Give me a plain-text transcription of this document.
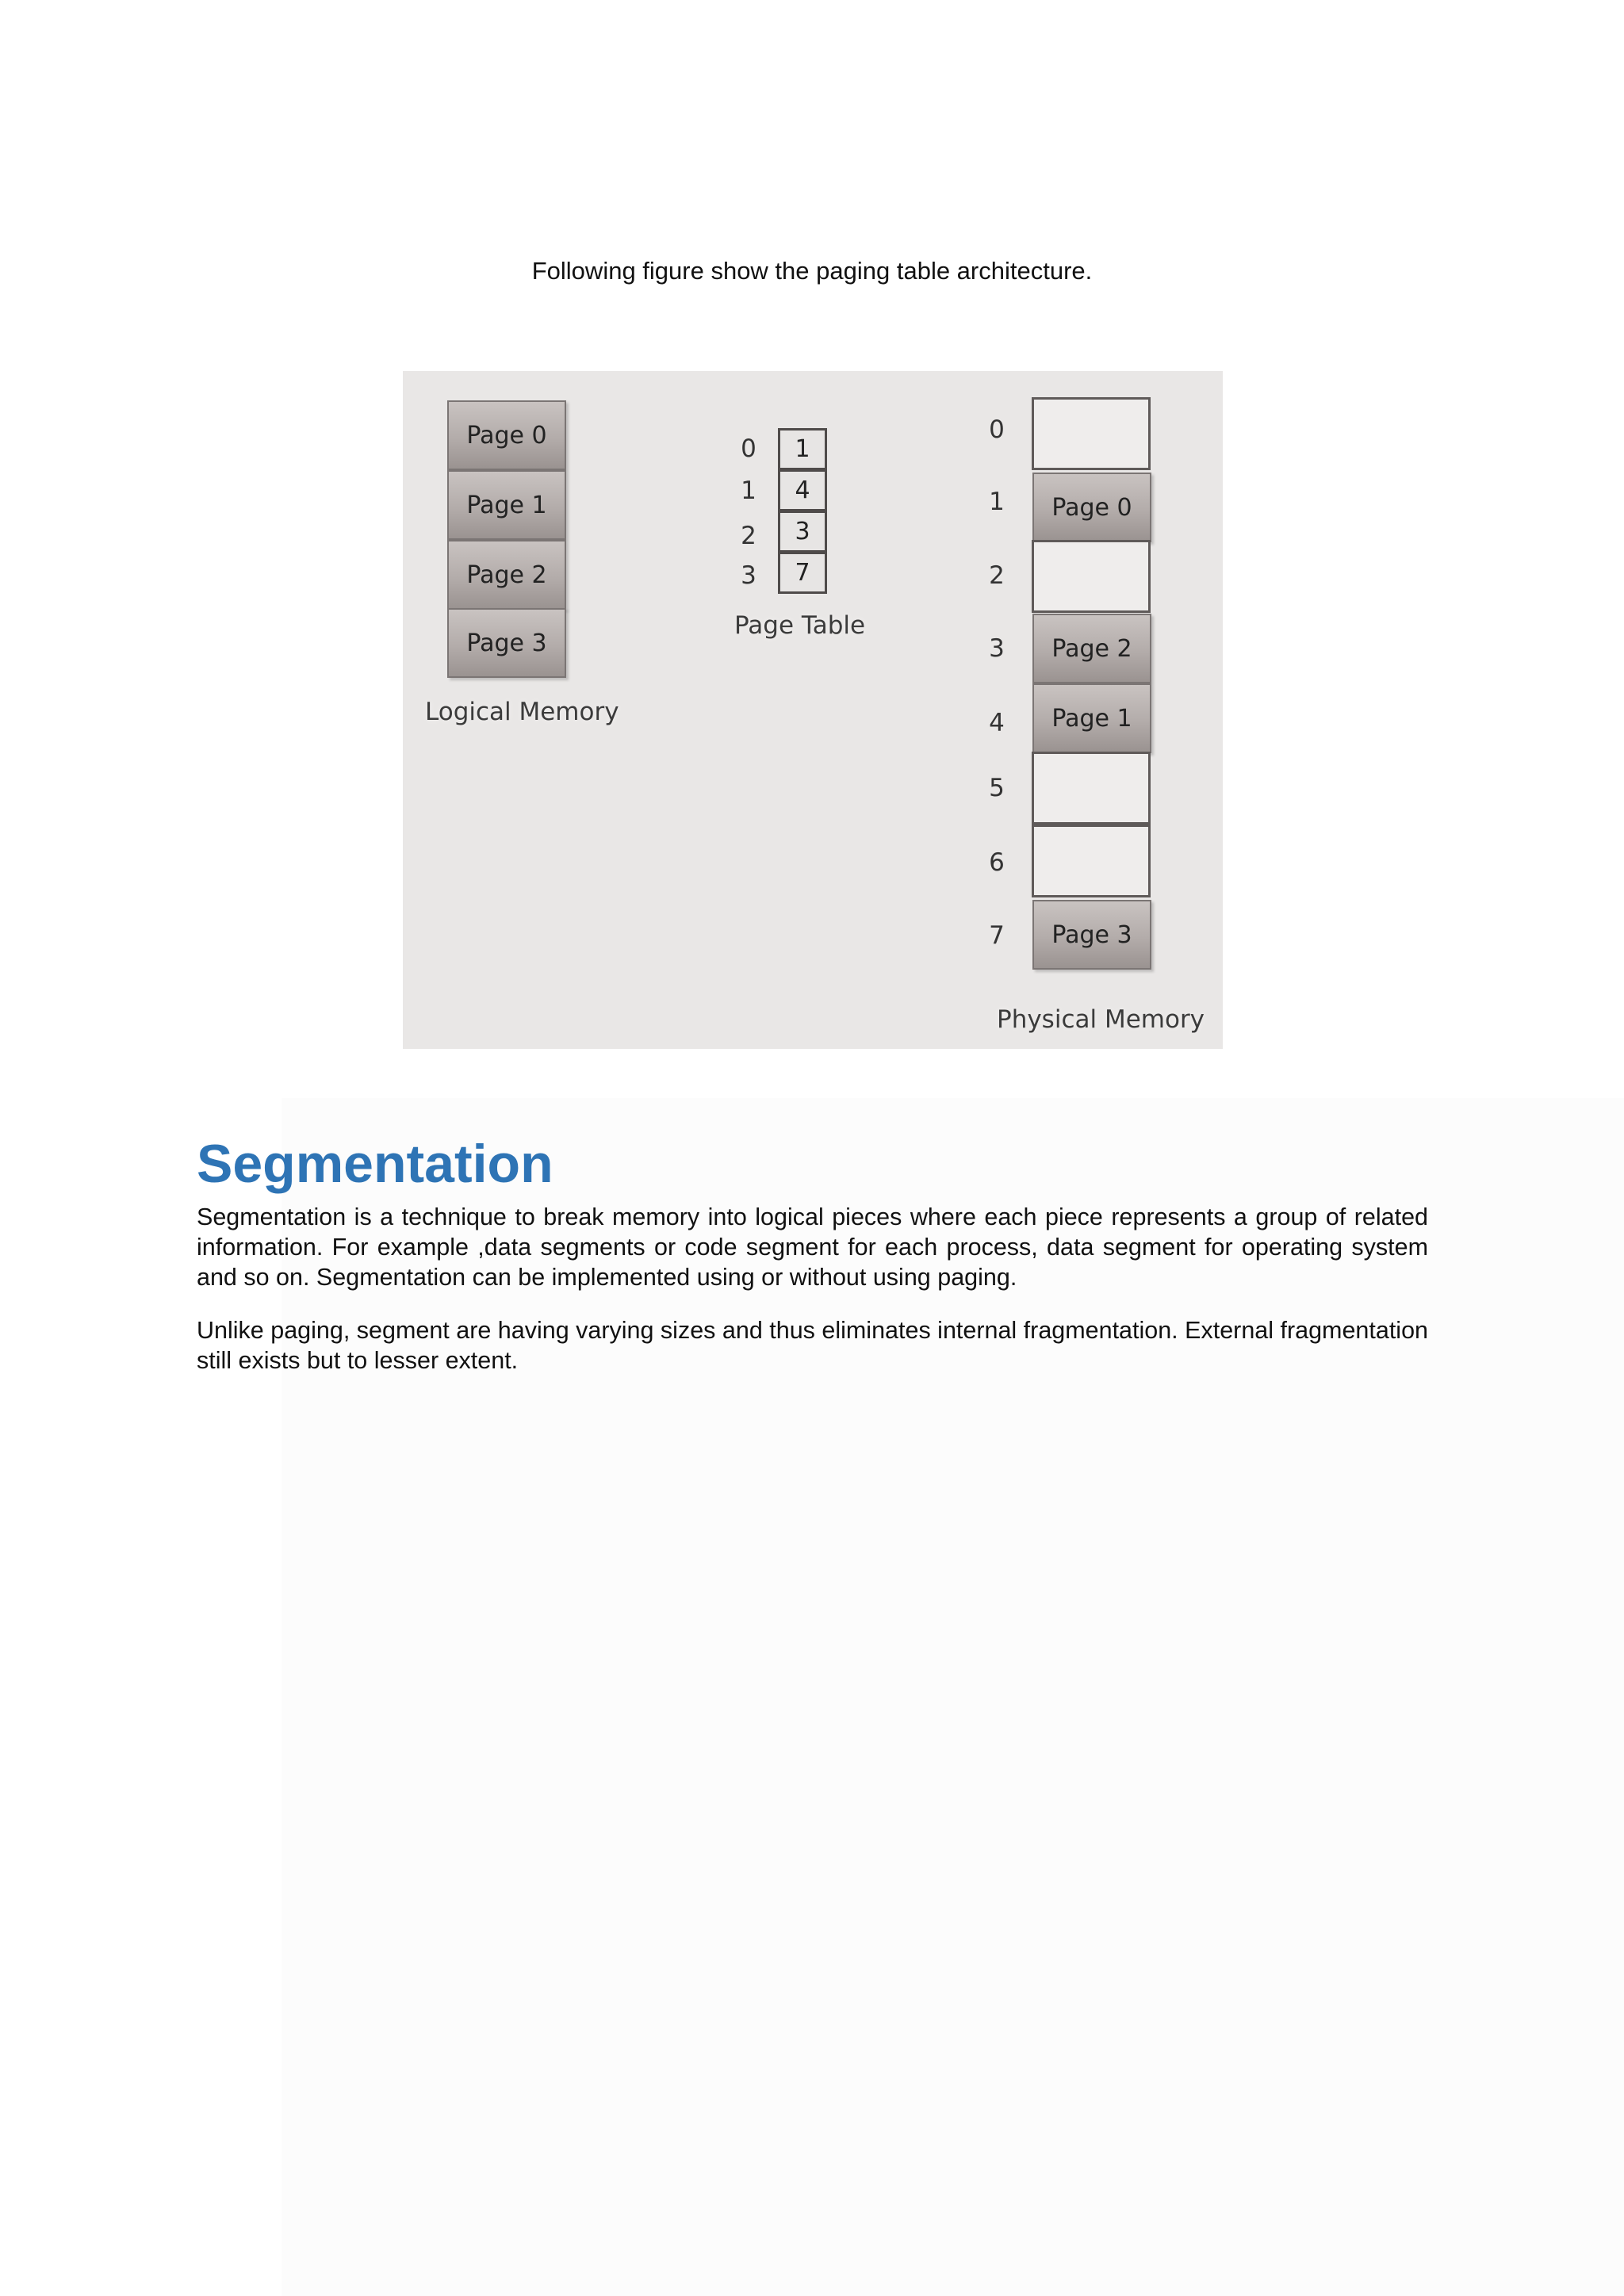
Following figure show the paging table architecture.
Page 0
Page 1
Page 2
Page 3
Logical Memory
0
1
2
3
1
4
3
7
Page Table
0
1
2
3
4
5
6
7
Page 0
Page 2
Page 1
Page 3
Physical Memory
Segmentation

Segmentation is a technique to break memory into logical pieces where each piece represents a group of related information. For example ,data segments or code segment for each process, data segment for operating system and so on. Segmentation can be implemented using or without using paging.

Unlike paging, segment are having varying sizes and thus eliminates internal fragmentation. External fragmentation still exists but to lesser extent.
